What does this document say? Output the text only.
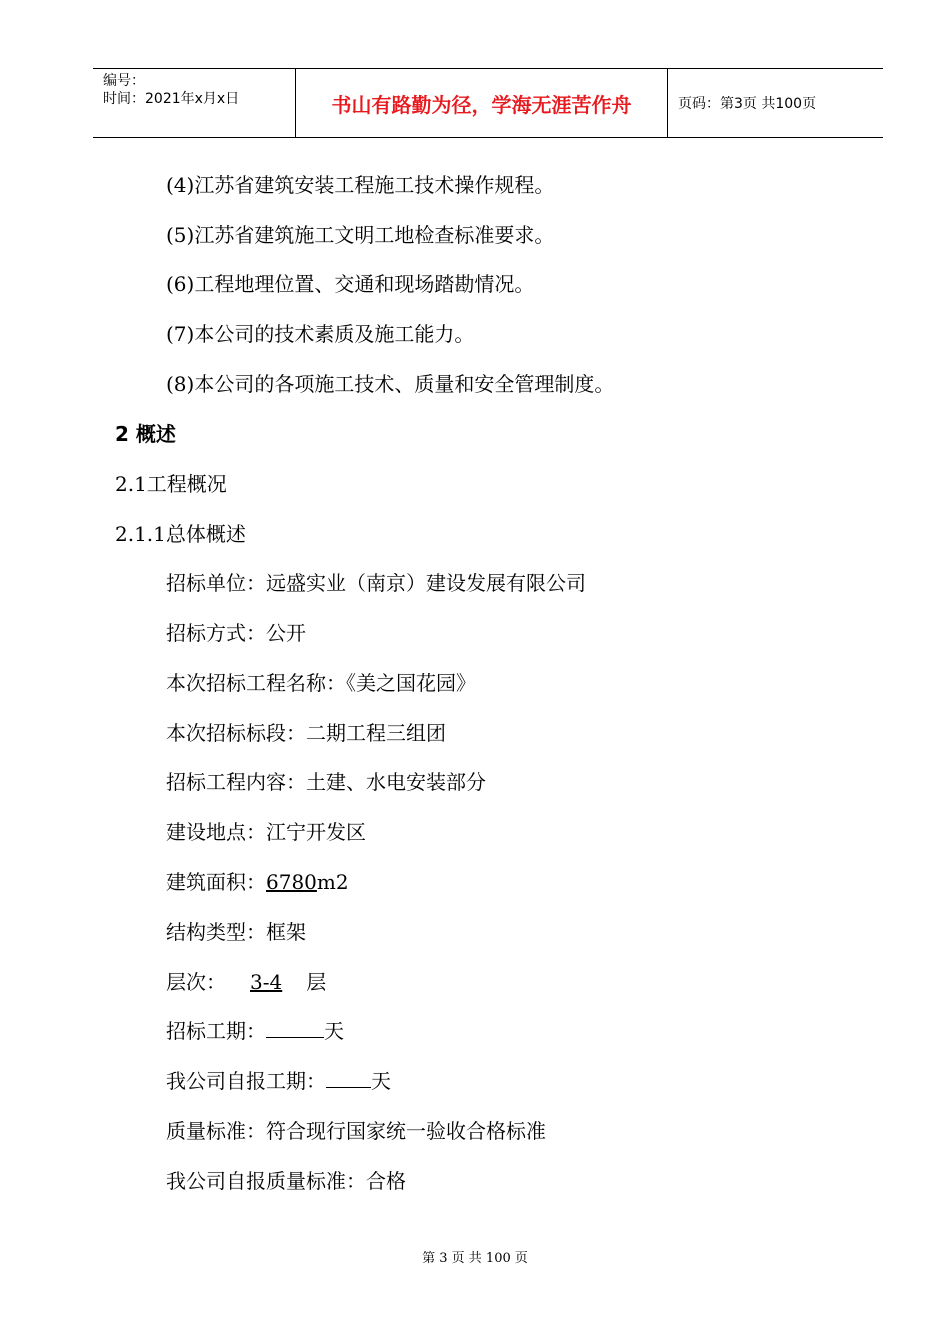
编号：
时间：2021年x月x日	书山有路勤为径，学海无涯苦作舟	页码：第3页 共100页
(4)江苏省建筑安装工程施工技术操作规程。
(5)江苏省建筑施工文明工地检查标准要求。
(6)工程地理位置、交通和现场踏勘情况。
(7)本公司的技术素质及施工能力。
(8)本公司的各项施工技术、质量和安全管理制度。
2 概述
2.1工程概况
2.1.1总体概述
招标单位：远盛实业（南京）建设发展有限公司
招标方式：公开
本次招标工程名称：《美之国花园》
本次招标标段：二期工程三组团
招标工程内容：土建、水电安装部分
建设地点：江宁开发区
建筑面积：6780m2
结构类型：框架
层次： 3-4 层
招标工期：	天
我公司自报工期： 天
质量标准：符合现行国家统一验收合格标准
我公司自报质量标准：合格
第 3 页 共 100 页
